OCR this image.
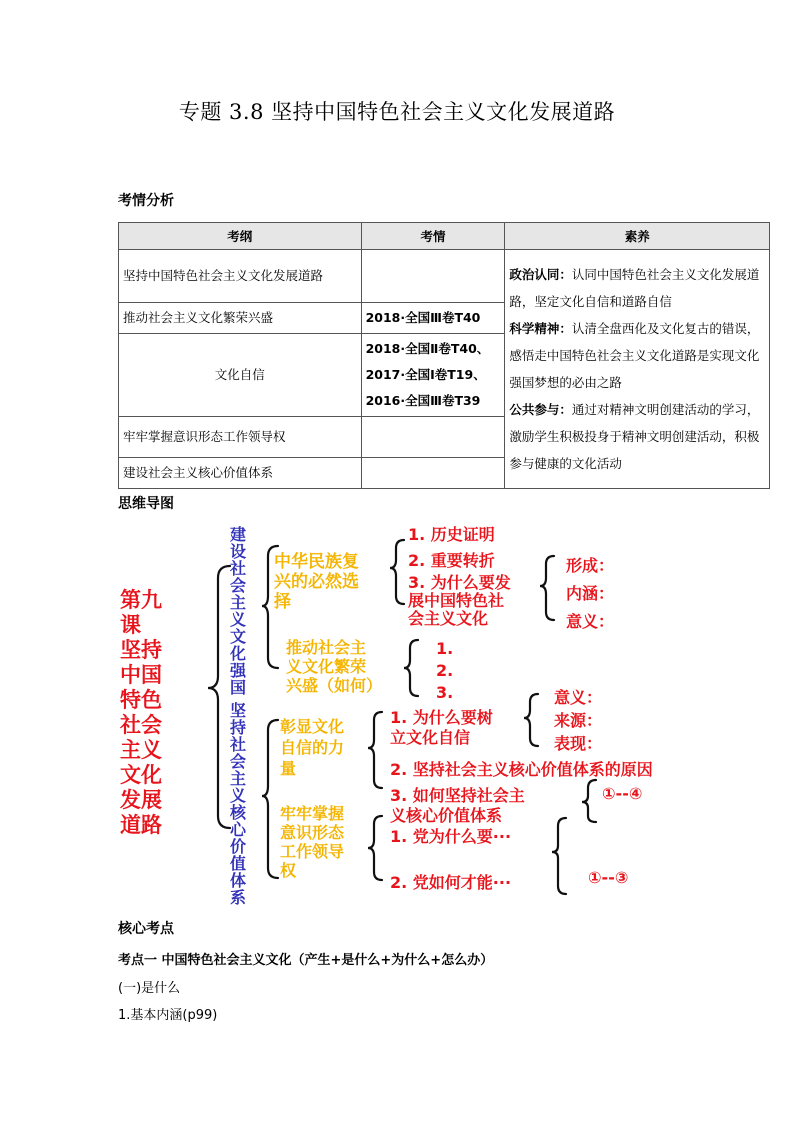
专题 3.8 坚持中国特色社会主义文化发展道路
考情分析
考纲	考情	素养
坚持中国特色社会主义文化发展道路		政治认同：认同中国特色社会主义文化发展道路，坚定文化自信和道路自信
科学精神：认清全盘西化及文化复古的错误，感悟走中国特色社会主义文化道路是实现文化强国梦想的必由之路
公共参与：通过对精神文明创建活动的学习，激励学生积极投身于精神文明创建活动，积极参与健康的文化活动
推动社会主义文化繁荣兴盛	2018·全国Ⅲ卷T40	
文化自信	2018·全国Ⅱ卷T40、
2017·全国Ⅰ卷T19、
2016·全国Ⅲ卷T39	

牢牢掌握意识形态工作领导权		
建设社会主义核心价值体系		
思维导图
第九
课
坚持
中国
特色
社会
主义
文化
发展
道路
建设社会主义文化强国
坚持社会主义核心价值体系
中华民族复
兴的必然选
择
1. 历史证明
2. 重要转折
3. 为什么要发
展中国特色社
会主义文化
形成：
内涵：
意义：
推动社会主
义文化繁荣
兴盛（如何）
1.
2.
3.
彰显文化
自信的力
量
1. 为什么要树
立文化自信
2. 坚持社会主义核心价值体系的原因
3. 如何坚持社会主
义核心价值体系
意义：
来源：
表现：
①--④
牢牢掌握
意识形态
工作领导
权
1. 党为什么要···
2. 党如何才能···	①--③
核心考点
考点一 中国特色社会主义文化（产生+是什么+为什么+怎么办）
(一)是什么
1.基本内涵(p99)
